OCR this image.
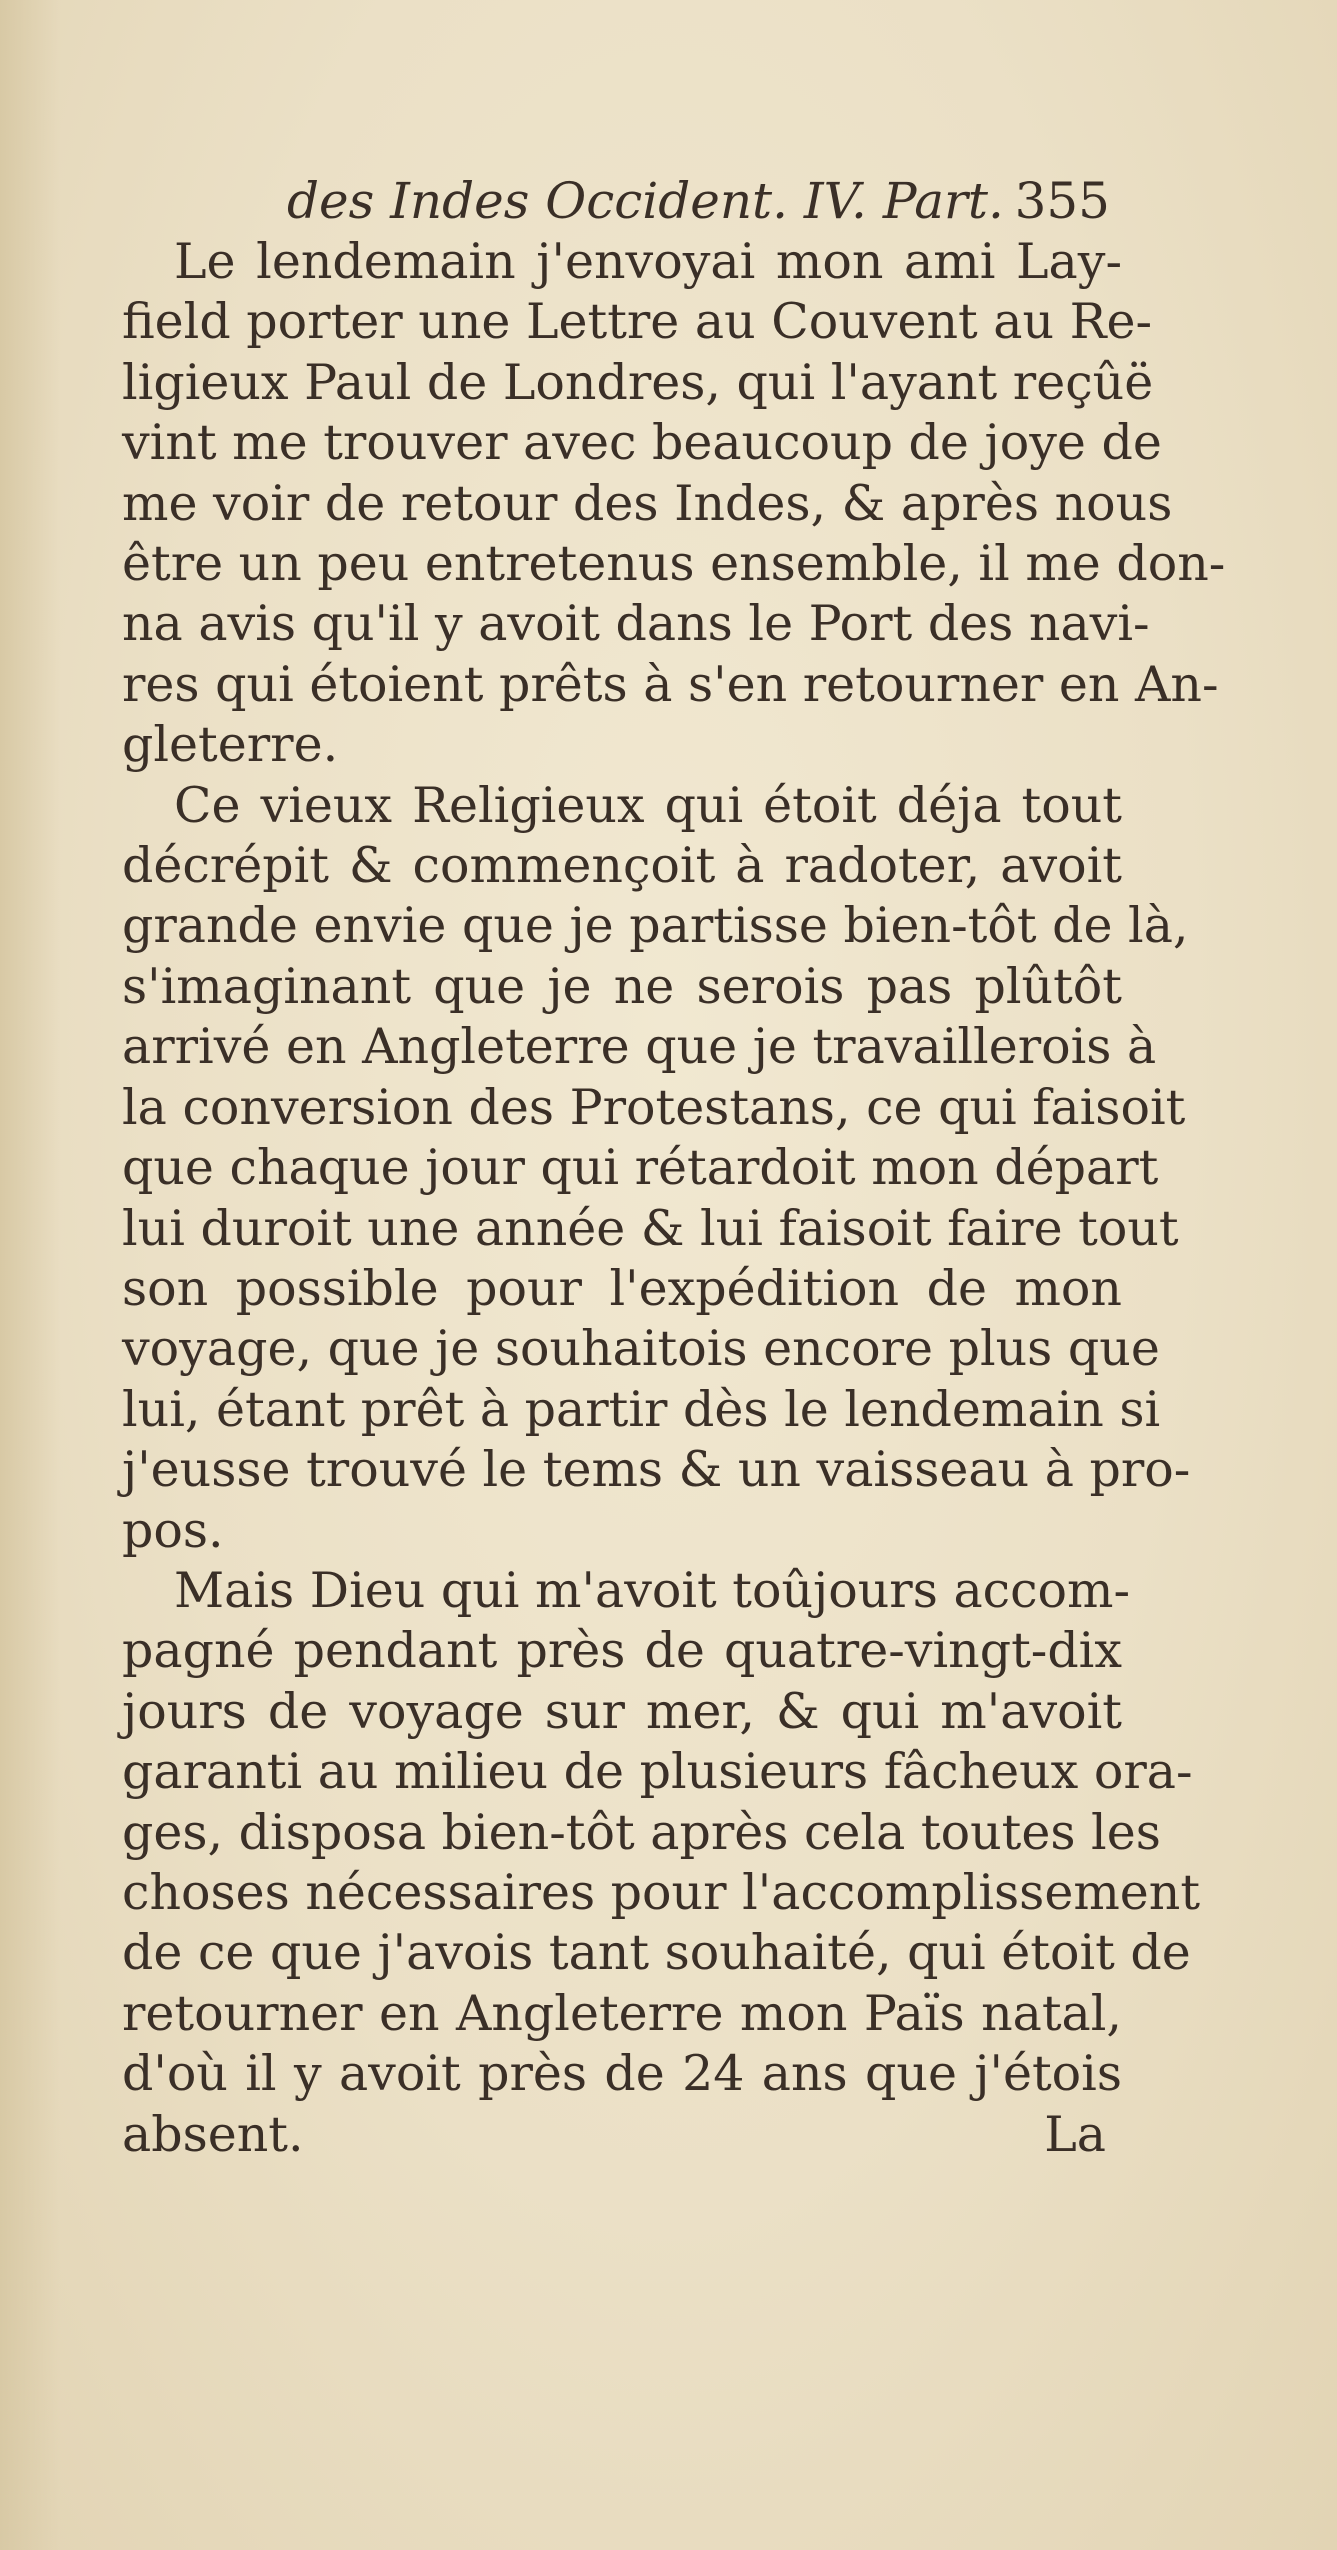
des Indes Occident. IV. Part. 355
Le lendemain j'envoyai mon ami Lay-
field porter une Lettre au Couvent au Re-
ligieux Paul de Londres, qui l'ayant reçûë
vint me trouver avec beaucoup de joye de
me voir de retour des Indes, & après nous
être un peu entretenus ensemble, il me don-
na avis qu'il y avoit dans le Port des navi-
res qui étoient prêts à s'en retourner en An-
gleterre.
Ce vieux Religieux qui étoit déja tout
décrépit & commençoit à radoter, avoit
grande envie que je partisse bien-tôt de là,
s'imaginant que je ne serois pas plûtôt
arrivé en Angleterre que je travaillerois à
la conversion des Protestans, ce qui faisoit
que chaque jour qui rétardoit mon départ
lui duroit une année & lui faisoit faire tout
son possible pour l'expédition de mon
voyage, que je souhaitois encore plus que
lui, étant prêt à partir dès le lendemain si
j'eusse trouvé le tems & un vaisseau à pro-
pos.
Mais Dieu qui m'avoit toûjours accom-
pagné pendant près de quatre-vingt-dix
jours de voyage sur mer, & qui m'avoit
garanti au milieu de plusieurs fâcheux ora-
ges, disposa bien-tôt après cela toutes les
choses nécessaires pour l'accomplissement
de ce que j'avois tant souhaité, qui étoit de
retourner en Angleterre mon Païs natal,
d'où il y avoit près de 24 ans que j'étois
absent.	La
